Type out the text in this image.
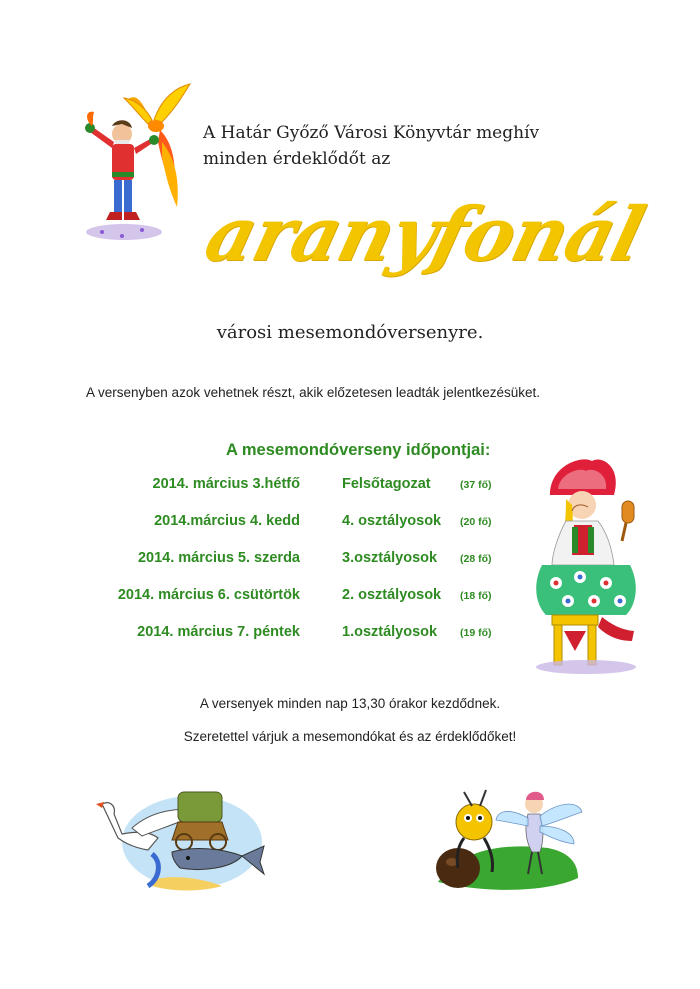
A Határ Győző Városi Könyvtár meghív
minden érdeklődőt az
aranyfonál
városi mesemondóversenyre.
A versenyben azok vehetnek részt, akik előzetesen leadták jelentkezésüket.
A mesemondóverseny időpontjai:
2014. március 3.hétfő	Felsőtagozat	(37 fő)
2014.március 4. kedd	4. osztályosok (20 fő)
2014. március 5. szerda	3.osztályosok (28 fő)
2014. március 6. csütörtök	2. osztályosok (18 fő)
2014. március 7. péntek	1.osztályosok (19 fő)
A versenyek minden nap 13,30 órakor kezdődnek.
Szeretettel várjuk a mesemondókat és az érdeklődőket!
